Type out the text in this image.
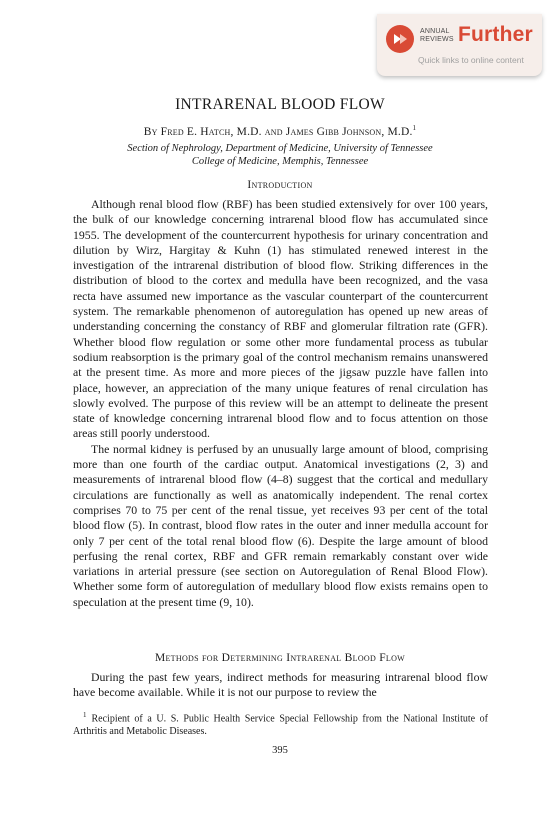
ANNUAL
REVIEWS Further
Quick links to online content
INTRARENAL BLOOD FLOW
By Fred E. Hatch, M.D. and James Gibb Johnson, M.D.$^1$
Section of Nephrology, Department of Medicine, University of Tennessee
College of Medicine, Memphis, Tennessee
Introduction

Although renal blood flow (RBF) has been studied extensively for over 100 years, the bulk of our knowledge concerning intrarenal blood flow has accumulated since 1955. The development of the countercurrent hypothesis for urinary concentration and dilution by Wirz, Hargitay & Kuhn (1) has stimulated renewed interest in the investigation of the intrarenal distribution of blood flow. Striking differences in the distribution of blood to the cortex and medulla have been recognized, and the vasa recta have assumed new importance as the vascular counterpart of the countercurrent system. The remarkable phenomenon of autoregulation has opened up new areas of understanding concerning the constancy of RBF and glomerular filtration rate (GFR). Whether blood flow regulation or some other more fundamental process as tubular sodium reabsorption is the primary goal of the control mechanism remains unanswered at the present time. As more and more pieces of the jigsaw puzzle have fallen into place, however, an appreciation of the many unique features of renal circulation has slowly evolved. The purpose of this review will be an attempt to delineate the present state of knowledge concerning intrarenal blood flow and to focus attention on those areas still poorly understood.

The normal kidney is perfused by an unusually large amount of blood, comprising more than one fourth of the cardiac output. Anatomical investigations (2, 3) and measurements of intrarenal blood flow (4–8) suggest that the cortical and medullary circulations are functionally as well as anatomically independent. The renal cortex comprises 70 to 75 per cent of the renal tissue, yet receives 93 per cent of the total blood flow (5). In contrast, blood flow rates in the outer and inner medulla account for only 7 per cent of the total renal blood flow (6). Despite the large amount of blood perfusing the renal cortex, RBF and GFR remain remarkably constant over wide variations in arterial pressure (see section on Autoregulation of Renal Blood Flow). Whether some form of autoregulation of medullary blood flow exists remains open to speculation at the present time (9, 10).

Methods for Determining Intrarenal Blood Flow

During the past few years, indirect methods for measuring intrarenal blood flow have become available. While it is not our purpose to review the

$^1$ Recipient of a U. S. Public Health Service Special Fellowship from the National Institute of Arthritis and Metabolic Diseases.
395
